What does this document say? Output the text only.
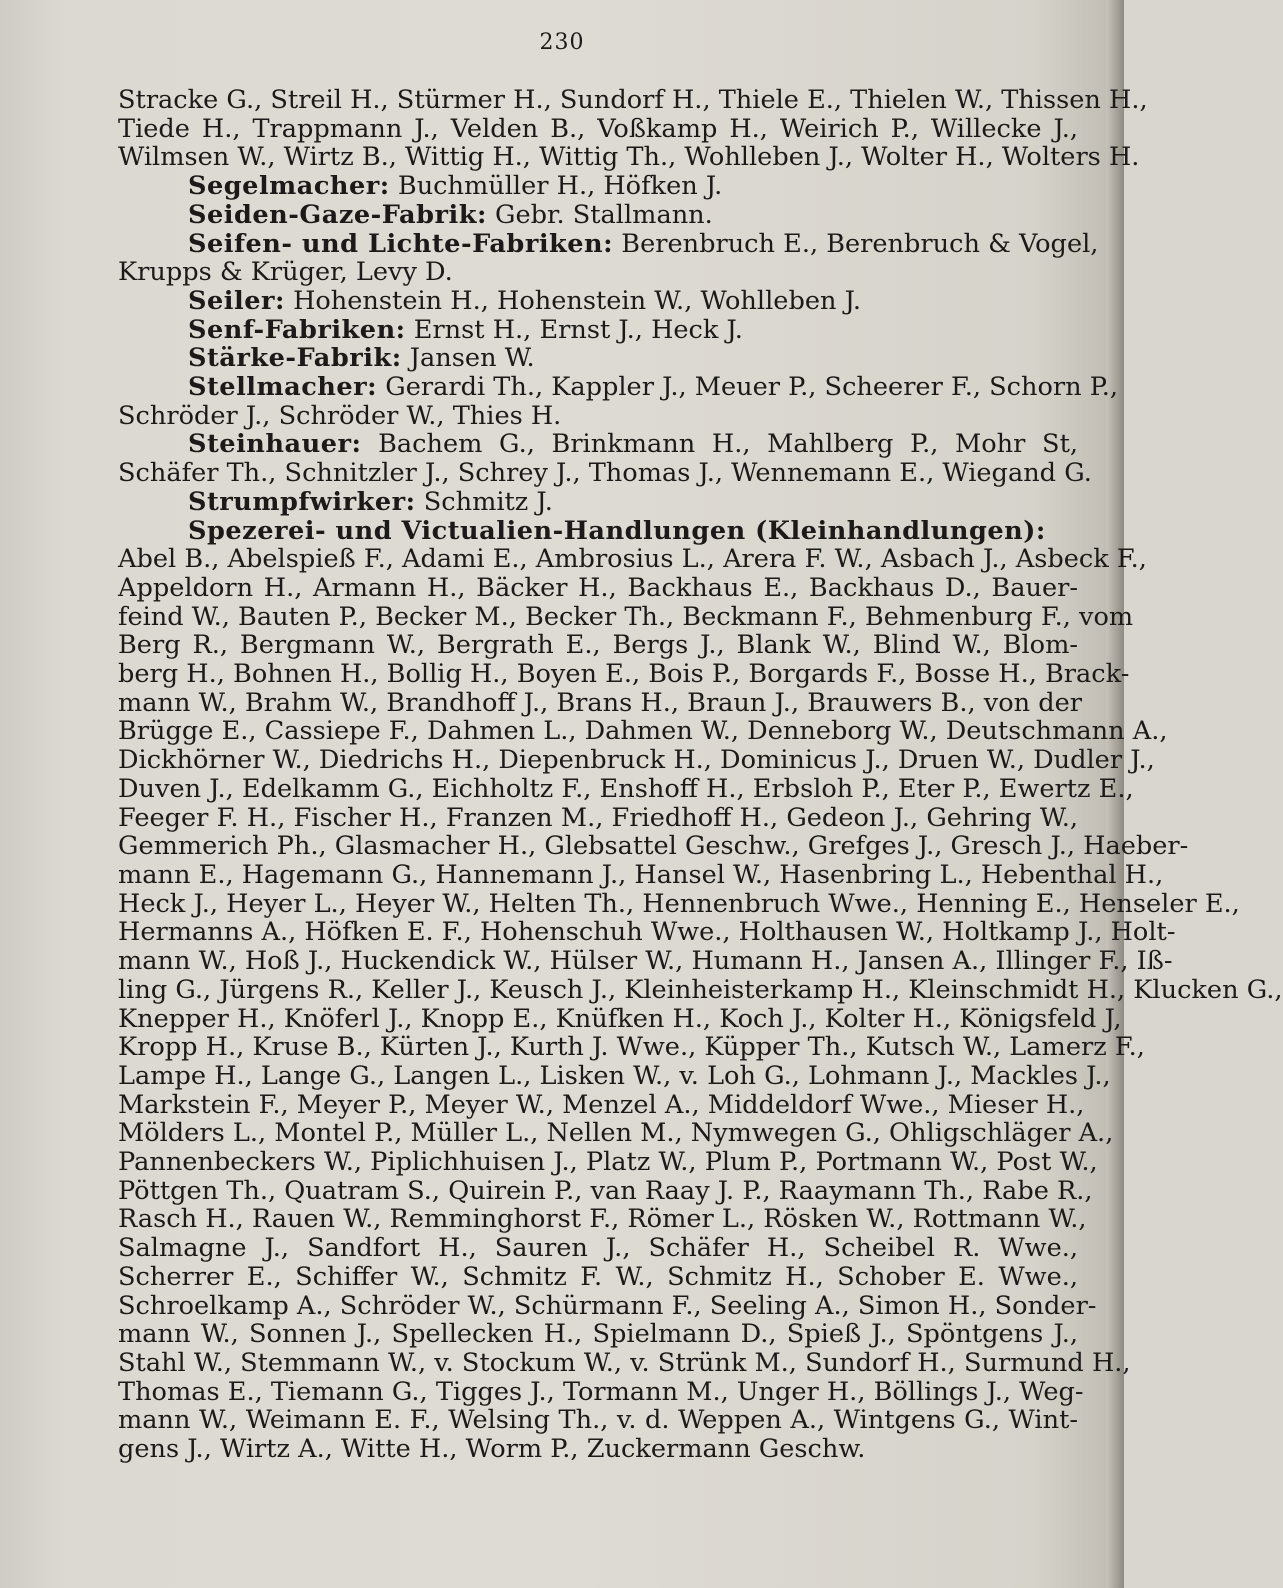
230
Stracke G., Streil H., Stürmer H., Sundorf H., Thiele E., Thielen W., Thissen H.,
Tiede H., Trappmann J., Velden B., Voßkamp H., Weirich P., Willecke J.,
Wilmsen W., Wirtz B., Wittig H., Wittig Th., Wohlleben J., Wolter H., Wolters H.
Segelmacher: Buchmüller H., Höfken J.
Seiden-Gaze-Fabrik: Gebr. Stallmann.
Seifen- und Lichte-Fabriken: Berenbruch E., Berenbruch & Vogel,
Krupps & Krüger, Levy D.
Seiler: Hohenstein H., Hohenstein W., Wohlleben J.
Senf-Fabriken: Ernst H., Ernst J., Heck J.
Stärke-Fabrik: Jansen W.
Stellmacher: Gerardi Th., Kappler J., Meuer P., Scheerer F., Schorn P.,
Schröder J., Schröder W., Thies H.
Steinhauer: Bachem G., Brinkmann H., Mahlberg P., Mohr St,
Schäfer Th., Schnitzler J., Schrey J., Thomas J., Wennemann E., Wiegand G.
Strumpfwirker: Schmitz J.
Spezerei- und Victualien-Handlungen (Kleinhandlungen):
Abel B., Abelspieß F., Adami E., Ambrosius L., Arera F. W., Asbach J., Asbeck F.,
Appeldorn H., Armann H., Bäcker H., Backhaus E., Backhaus D., Bauer-
feind W., Bauten P., Becker M., Becker Th., Beckmann F., Behmenburg F., vom
Berg R., Bergmann W., Bergrath E., Bergs J., Blank W., Blind W., Blom-
berg H., Bohnen H., Bollig H., Boyen E., Bois P., Borgards F., Bosse H., Brack-
mann W., Brahm W., Brandhoff J., Brans H., Braun J., Brauwers B., von der
Brügge E., Cassiepe F., Dahmen L., Dahmen W., Denneborg W., Deutschmann A.,
Dickhörner W., Diedrichs H., Diepenbruck H., Dominicus J., Druen W., Dudler J.,
Duven J., Edelkamm G., Eichholtz F., Enshoff H., Erbsloh P., Eter P., Ewertz E.,
Feeger F. H., Fischer H., Franzen M., Friedhoff H., Gedeon J., Gehring W.,
Gemmerich Ph., Glasmacher H., Glebsattel Geschw., Grefges J., Gresch J., Haeber-
mann E., Hagemann G., Hannemann J., Hansel W., Hasenbring L., Hebenthal H.,
Heck J., Heyer L., Heyer W., Helten Th., Hennenbruch Wwe., Henning E., Henseler E.,
Hermanns A., Höfken E. F., Hohenschuh Wwe., Holthausen W., Holtkamp J., Holt-
mann W., Hoß J., Huckendick W., Hülser W., Humann H., Jansen A., Illinger F., Iß-
ling G., Jürgens R., Keller J., Keusch J., Kleinheisterkamp H., Kleinschmidt H., Klucken G.,
Knepper H., Knöferl J., Knopp E., Knüfken H., Koch J., Kolter H., Königsfeld J,
Kropp H., Kruse B., Kürten J., Kurth J. Wwe., Küpper Th., Kutsch W., Lamerz F.,
Lampe H., Lange G., Langen L., Lisken W., v. Loh G., Lohmann J., Mackles J.,
Markstein F., Meyer P., Meyer W., Menzel A., Middeldorf Wwe., Mieser H.,
Mölders L., Montel P., Müller L., Nellen M., Nymwegen G., Ohligschläger A.,
Pannenbeckers W., Piplichhuisen J., Platz W., Plum P., Portmann W., Post W.,
Pöttgen Th., Quatram S., Quirein P., van Raay J. P., Raaymann Th., Rabe R.,
Rasch H., Rauen W., Remminghorst F., Römer L., Rösken W., Rottmann W.,
Salmagne J., Sandfort H., Sauren J., Schäfer H., Scheibel R. Wwe.,
Scherrer E., Schiffer W., Schmitz F. W., Schmitz H., Schober E. Wwe.,
Schroelkamp A., Schröder W., Schürmann F., Seeling A., Simon H., Sonder-
mann W., Sonnen J., Spellecken H., Spielmann D., Spieß J., Spöntgens J.,
Stahl W., Stemmann W., v. Stockum W., v. Strünk M., Sundorf H., Surmund H.,
Thomas E., Tiemann G., Tigges J., Tormann M., Unger H., Böllings J., Weg-
mann W., Weimann E. F., Welsing Th., v. d. Weppen A., Wintgens G., Wint-
gens J., Wirtz A., Witte H., Worm P., Zuckermann Geschw.
